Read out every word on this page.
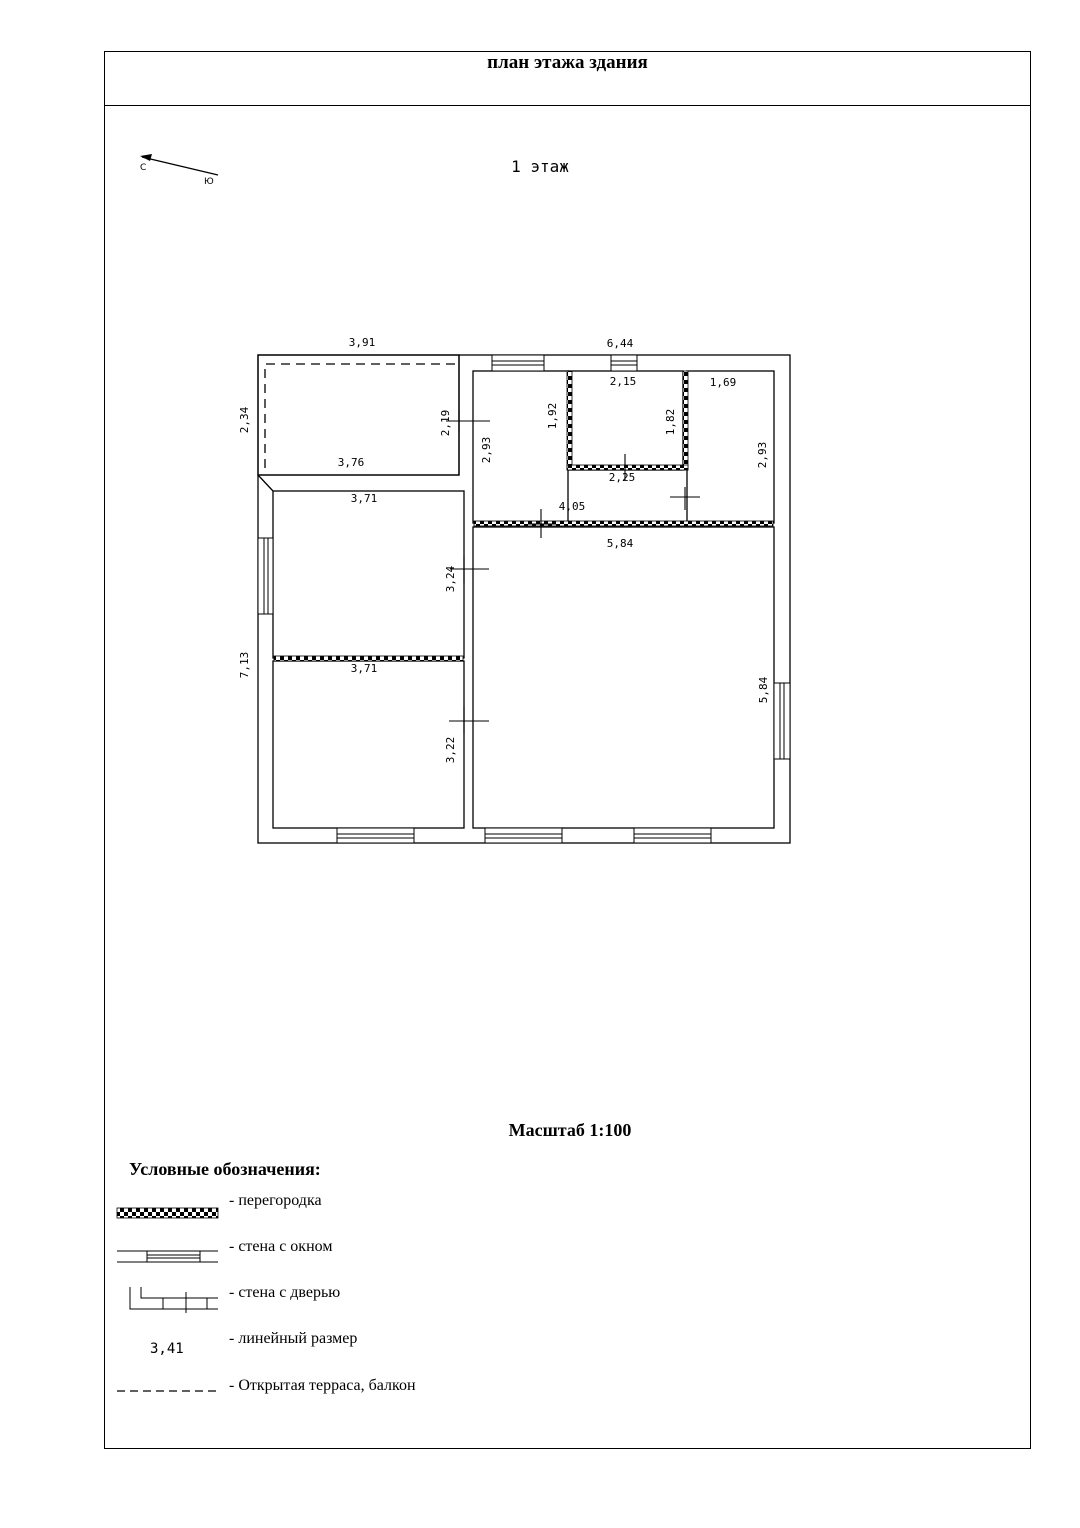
план этажа здания
1 этаж
С
Ю
3,91	6,44
2,34
7,13
3,76
2,19
3,71
3,24
3,71
3,22
2,93
1,92
2,15
2,25
1,82
4,05
1,69
2,93
5,84
5,84
Масштаб 1:100
Условные обозначения:
- перегородка
- стена с окном
- стена с дверью
3,41
- линейный размер
- Открытая терраса, балкон
